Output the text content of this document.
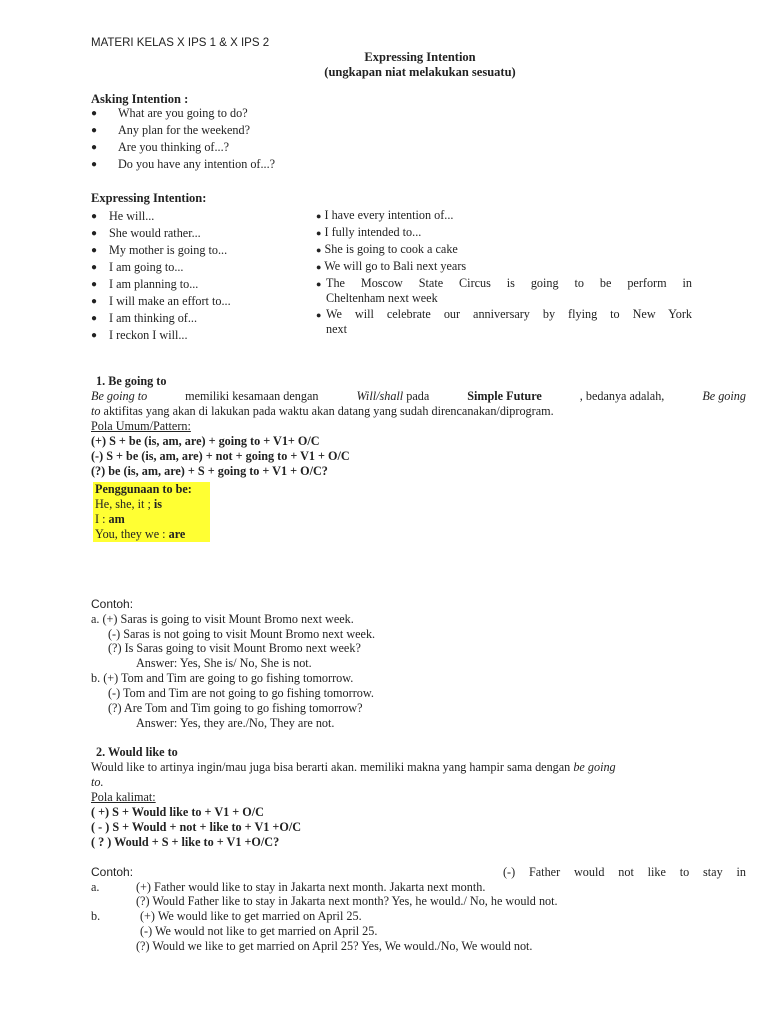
MATERI KELAS X IPS 1 & X IPS 2
Expressing Intention
(ungkapan niat melakukan sesuatu)
Asking Intention :
● What are you going to do?
● Any plan for the weekend?
● Are you thinking of...?
● Do you have any intention of...?
Expressing Intention:
● He will...
● She would rather...
● My mother is going to...
● I am going to...
● I am planning to...
● I will make an effort to...
● I am thinking of...
● I reckon I will...
● I have every intention of...
● I fully intended to...
● She is going to cook a cake
● We will go to Bali next years
● The Moscow State Circus is going to be perform in
Cheltenham next week
● We will celebrate our anniversary by flying to New York
next
1. Be going to
Be going to	memiliki kesamaan dengan	Will/shall pada	Simple Future	, bedanya adalah,	Be going
to aktifitas yang akan di lakukan pada waktu akan datang yang sudah direncanakan/diprogram.
Pola Umum/Pattern:
(+) S + be (is, am, are) + going to + V1+ O/C
(-) S + be (is, am, are) + not + going to + V1 + O/C
(?) be (is, am, are) + S + going to + V1 + O/C?
Penggunaan to be:
He, she, it ; is
I : am
You, they we : are
Contoh:
a. (+) Saras is going to visit Mount Bromo next week.
(-) Saras is not going to visit Mount Bromo next week.
(?) Is Saras going to visit Mount Bromo next week?
Answer: Yes, She is/ No, She is not.
b. (+) Tom and Tim are going to go fishing tomorrow.
(-) Tom and Tim are not going to go fishing tomorrow.
(?) Are Tom and Tim going to go fishing tomorrow?
Answer: Yes, they are./No, They are not.
2. Would like to
Would like to artinya ingin/mau juga bisa berarti akan. memiliki makna yang hampir sama dengan be going
to.
Pola kalimat:
( +) S + Would like to + V1 + O/C
( - ) S + Would + not + like to + V1 +O/C
( ? ) Would + S + like to + V1 +O/C?
Contoh:	(-) Father would not like to stay in
a.	(+) Father would like to stay in Jakarta next month. Jakarta next month.
(?) Would Father like to stay in Jakarta next month? Yes, he would./ No, he would not.
b.	(+) We would like to get married on April 25.
(-) We would not like to get married on April 25.
(?) Would we like to get married on April 25? Yes, We would./No, We would not.
